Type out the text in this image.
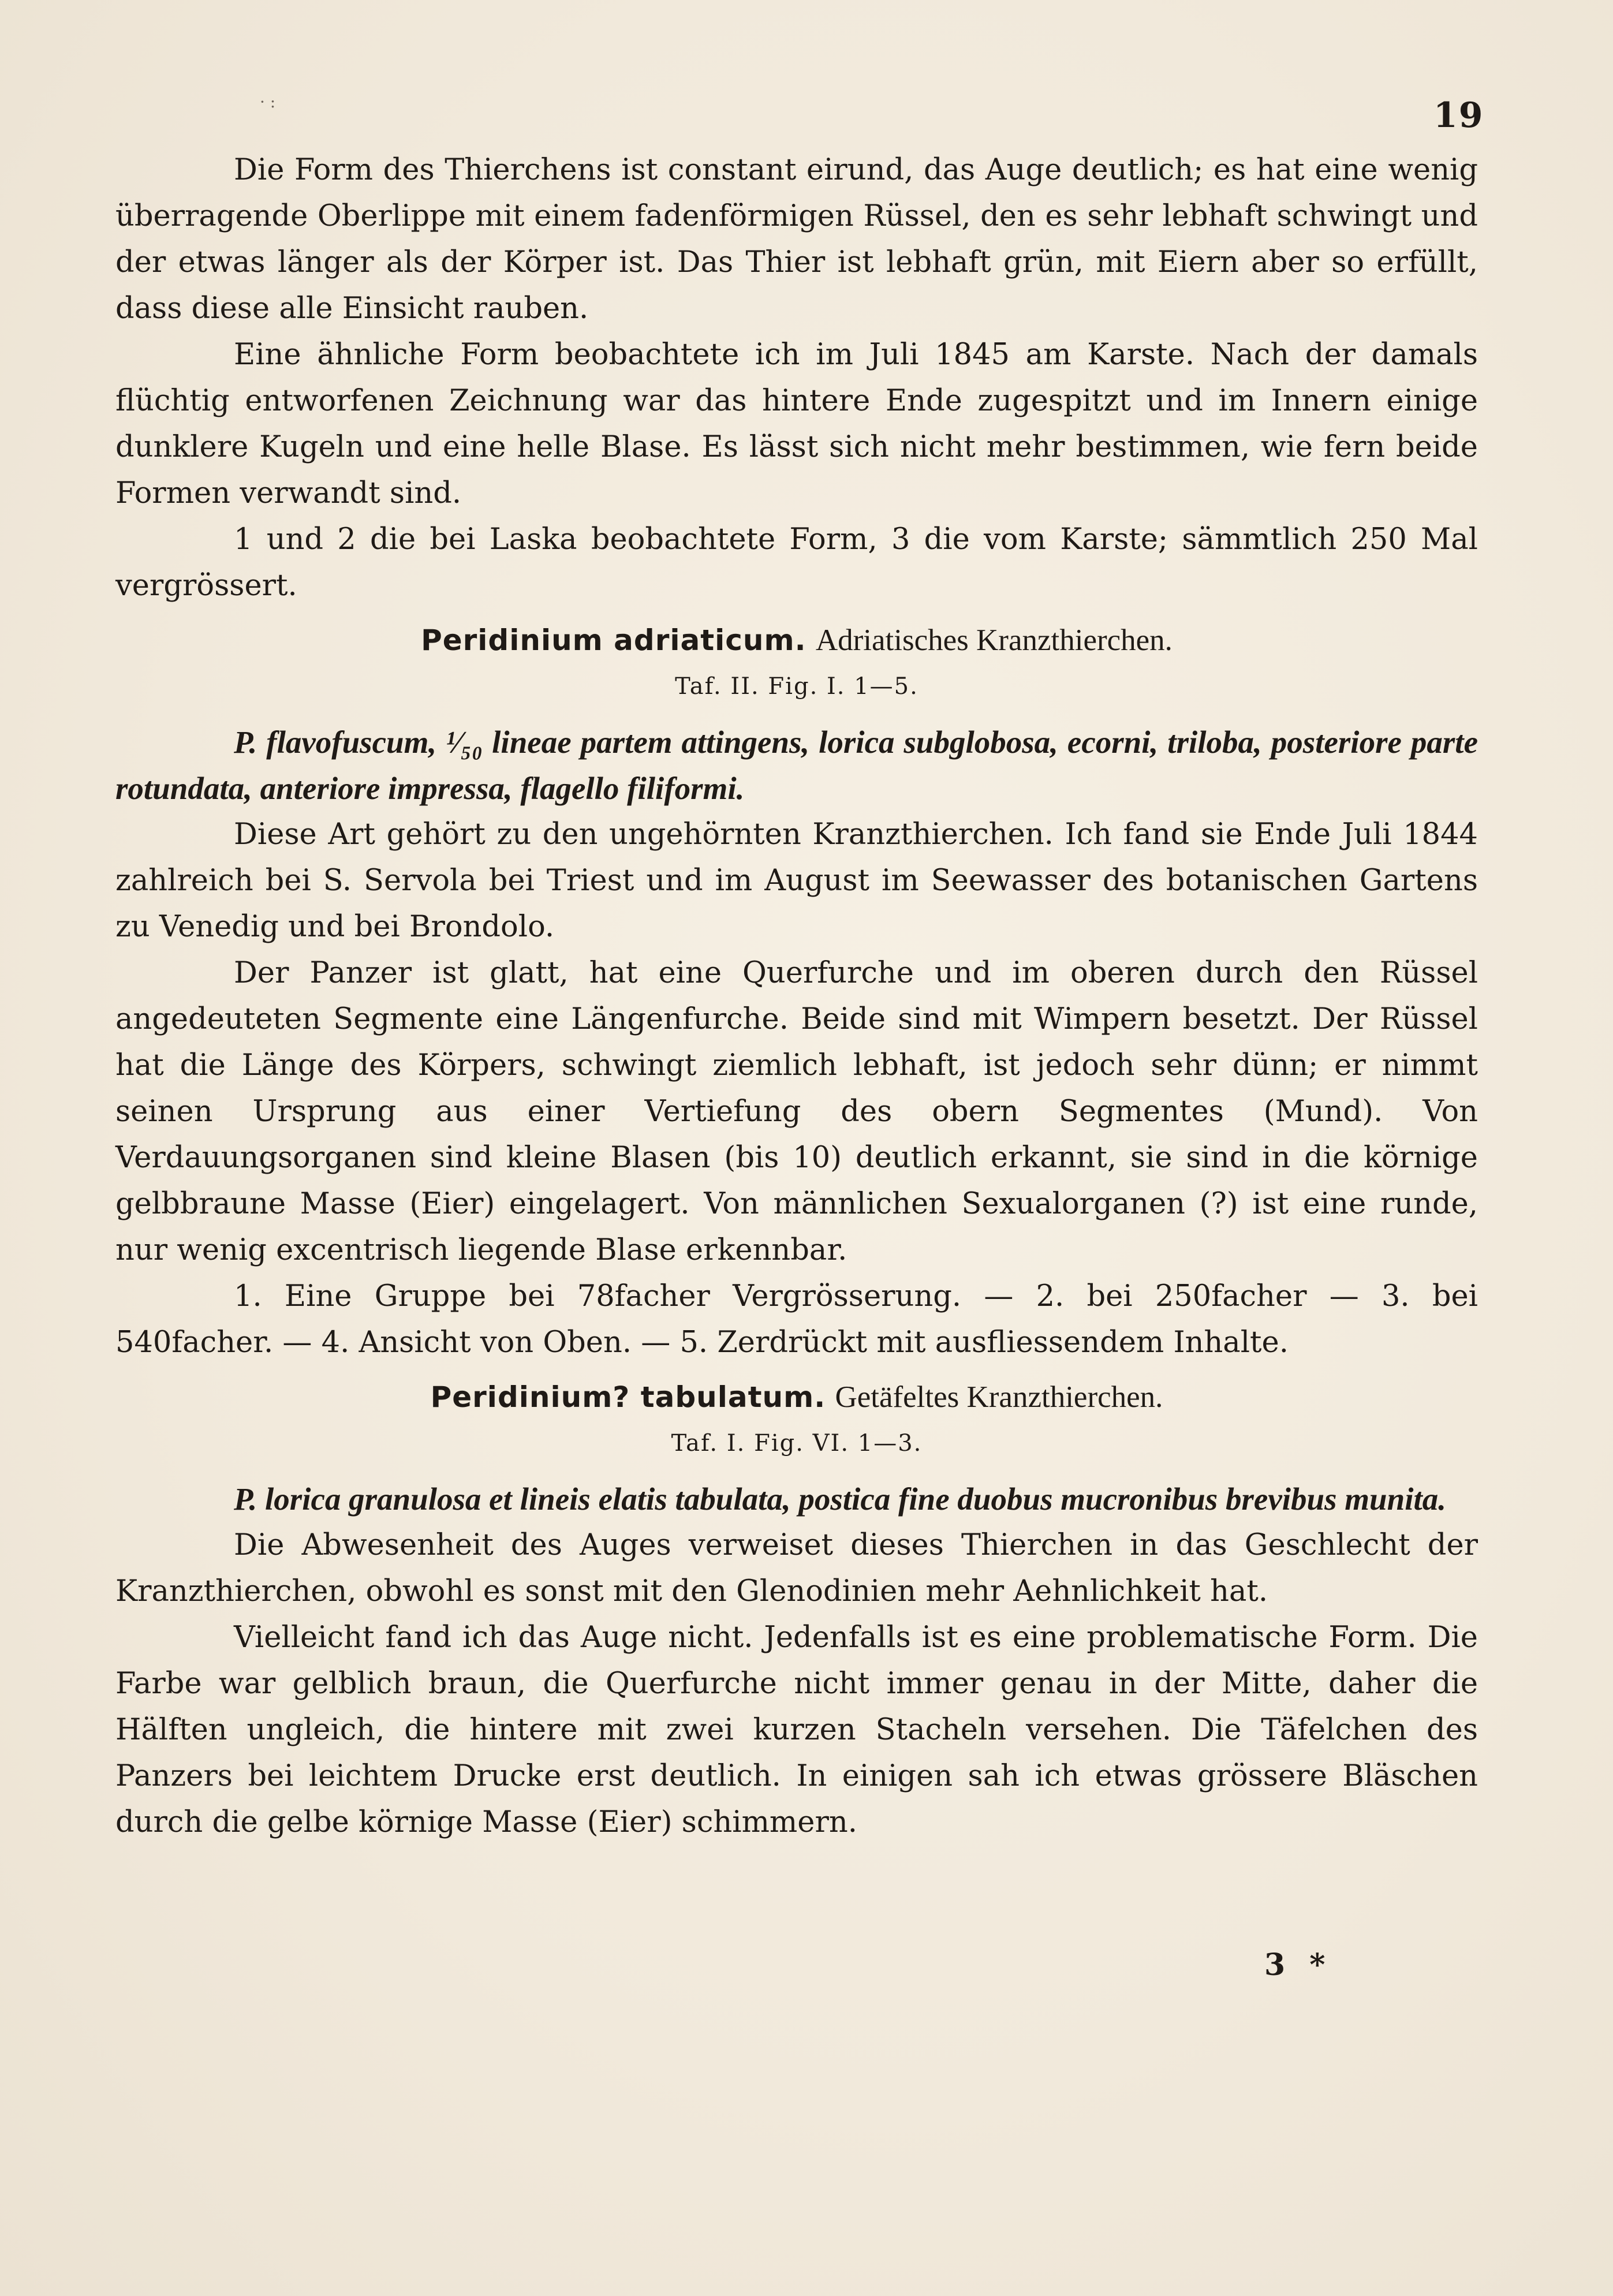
· :	19

Die Form des Thierchens ist constant eirund, das Auge deutlich; es hat eine wenig überragende Oberlippe mit einem fadenförmigen Rüssel, den es sehr lebhaft schwingt und der etwas länger als der Körper ist. Das Thier ist lebhaft grün, mit Eiern aber so erfüllt, dass diese alle Einsicht rauben.

Eine ähnliche Form beobachtete ich im Juli 1845 am Karste. Nach der damals flüchtig entworfenen Zeichnung war das hintere Ende zugespitzt und im Innern einige dunklere Kugeln und eine helle Blase. Es lässt sich nicht mehr bestimmen, wie fern beide Formen verwandt sind.

1 und 2 die bei Laska beobachtete Form, 3 die vom Karste; sämmtlich 250 Mal vergrössert.

Peridinium adriaticum. Adriatisches Kranzthierchen.
Taf. II. Fig. I. 1—5.

P. flavofuscum, ¹⁄₅₀ lineae partem attingens, lorica subglobosa, ecorni, triloba, posteriore parte rotundata, anteriore impressa, flagello filiformi.

Diese Art gehört zu den ungehörnten Kranzthierchen. Ich fand sie Ende Juli 1844 zahlreich bei S. Servola bei Triest und im August im Seewasser des botanischen Gartens zu Venedig und bei Brondolo.

Der Panzer ist glatt, hat eine Querfurche und im oberen durch den Rüssel angedeuteten Segmente eine Längenfurche. Beide sind mit Wimpern besetzt. Der Rüssel hat die Länge des Körpers, schwingt ziemlich lebhaft, ist jedoch sehr dünn; er nimmt seinen Ursprung aus einer Vertiefung des obern Segmentes (Mund). Von Verdauungsorganen sind kleine Blasen (bis 10) deutlich erkannt, sie sind in die körnige gelbbraune Masse (Eier) eingelagert. Von männlichen Sexualorganen (?) ist eine runde, nur wenig excentrisch liegende Blase erkennbar.

1. Eine Gruppe bei 78facher Vergrösserung. — 2. bei 250facher — 3. bei 540facher. — 4. Ansicht von Oben. — 5. Zerdrückt mit ausfliessendem Inhalte.

Peridinium? tabulatum. Getäfeltes Kranzthierchen.
Taf. I. Fig. VI. 1—3.

P. lorica granulosa et lineis elatis tabulata, postica fine duobus mucronibus brevibus munita.

Die Abwesenheit des Auges verweiset dieses Thierchen in das Geschlecht der Kranzthierchen, obwohl es sonst mit den Glenodinien mehr Aehnlichkeit hat.

Vielleicht fand ich das Auge nicht. Jedenfalls ist es eine problematische Form. Die Farbe war gelblich braun, die Querfurche nicht immer genau in der Mitte, daher die Hälften ungleich, die hintere mit zwei kurzen Stacheln versehen. Die Täfelchen des Panzers bei leichtem Drucke erst deutlich. In einigen sah ich etwas grössere Bläschen durch die gelbe körnige Masse (Eier) schimmern.

3 *
